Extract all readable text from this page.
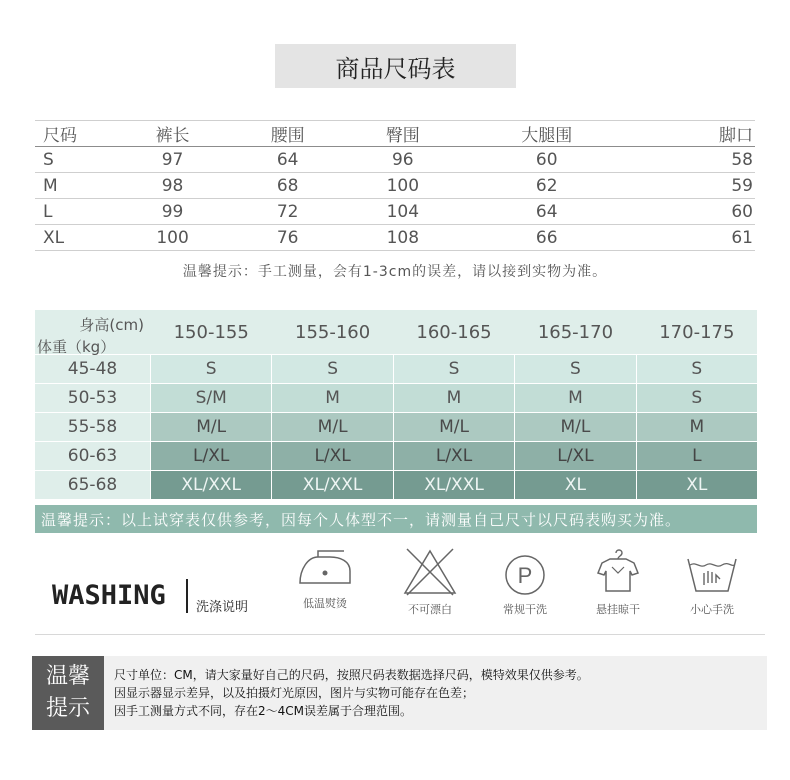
商品尺码表
尺码	裤长	腰围	臀围	大腿围	脚口
S	97	64	96	60	58
M	98	68	100	62	59
L	99	72	104	64	60
XL	100	76	108	66	61
温馨提示：手工测量，会有1-3cm的误差，请以接到实物为准。
身高(cm)
体重（kg）
150-155	155-160	160-165	165-170	170-175
45-48	S	S	S	S	S
50-53	S/M	M	M	M	S
55-58	M/L	M/L	M/L	M/L	M
60-63	L/XL	L/XL	L/XL	L/XL	L
65-68	XL/XXL	XL/XXL	XL/XXL	XL	XL
温馨提示：以上试穿表仅供参考，因每个人体型不一，请测量自己尺寸以尺码表购买为准。
WASHING 洗涤说明	低温熨烫	不可漂白
P
常规干洗	悬挂晾干	小心手洗
温馨
提示
尺寸单位：CM，请大家量好自己的尺码，按照尺码表数据选择尺码，模特效果仅供参考。
因显示器显示差异，以及拍摄灯光原因，图片与实物可能存在色差；
因手工测量方式不同，存在2～4CM误差属于合理范围。
